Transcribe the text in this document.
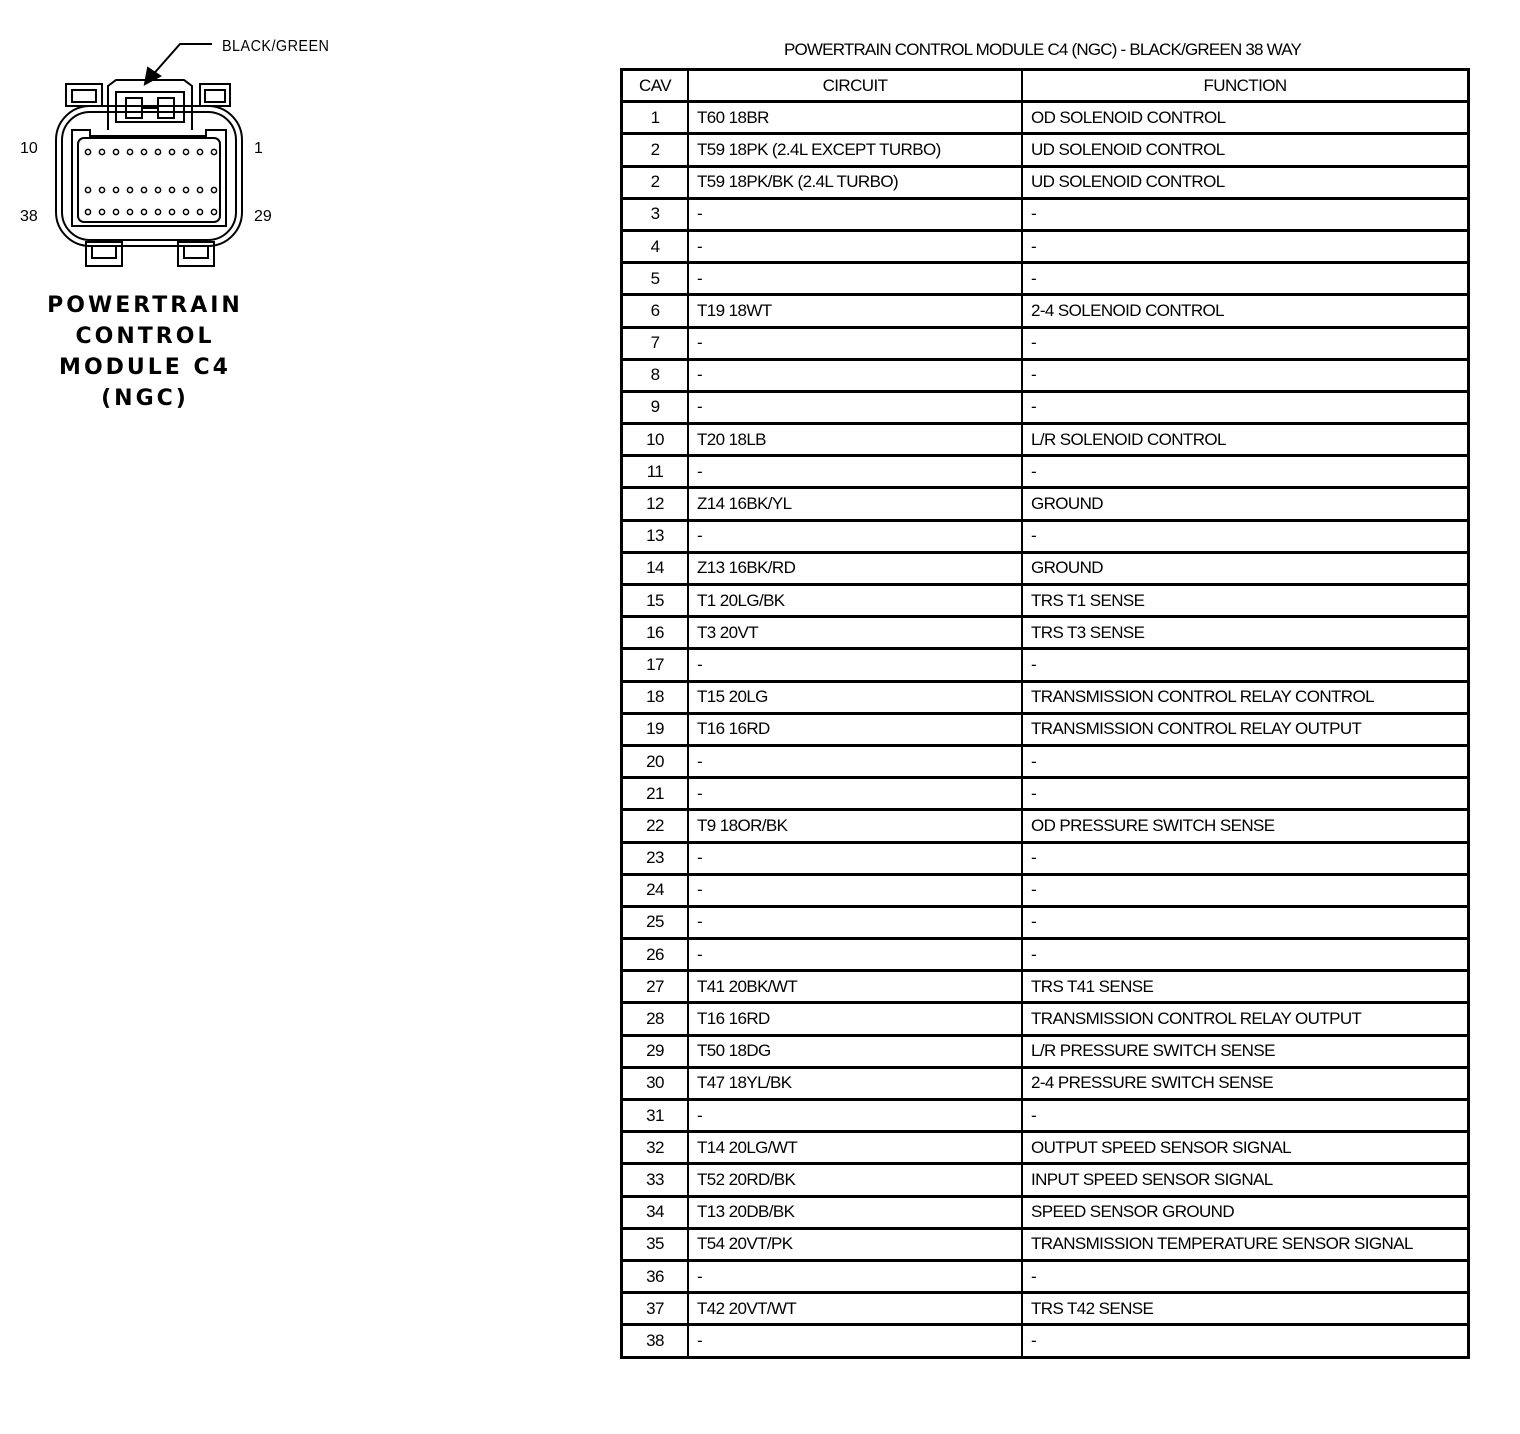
BLACK/GREEN
10	1
38	29
POWERTRAIN
CONTROL
MODULE C4
(NGC)
POWERTRAIN CONTROL MODULE C4 (NGC) - BLACK/GREEN 38 WAY
CAV	CIRCUIT	FUNCTION
1	T60 18BR	OD SOLENOID CONTROL
2	T59 18PK (2.4L EXCEPT TURBO)	UD SOLENOID CONTROL
2	T59 18PK/BK (2.4L TURBO)	UD SOLENOID CONTROL
3	-	-
4	-	-
5	-	-
6	T19 18WT	2-4 SOLENOID CONTROL
7	-	-
8	-	-
9	-	-
10	T20 18LB	L/R SOLENOID CONTROL
11	-	-
12	Z14 16BK/YL	GROUND
13	-	-
14	Z13 16BK/RD	GROUND
15	T1 20LG/BK	TRS T1 SENSE
16	T3 20VT	TRS T3 SENSE
17	-	-
18	T15 20LG	TRANSMISSION CONTROL RELAY CONTROL
19	T16 16RD	TRANSMISSION CONTROL RELAY OUTPUT
20	-	-
21	-	-
22	T9 18OR/BK	OD PRESSURE SWITCH SENSE
23	-	-
24	-	-
25	-	-
26	-	-
27	T41 20BK/WT	TRS T41 SENSE
28	T16 16RD	TRANSMISSION CONTROL RELAY OUTPUT
29	T50 18DG	L/R PRESSURE SWITCH SENSE
30	T47 18YL/BK	2-4 PRESSURE SWITCH SENSE
31	-	-
32	T14 20LG/WT	OUTPUT SPEED SENSOR SIGNAL
33	T52 20RD/BK	INPUT SPEED SENSOR SIGNAL
34	T13 20DB/BK	SPEED SENSOR GROUND
35	T54 20VT/PK	TRANSMISSION TEMPERATURE SENSOR SIGNAL
36	-	-
37	T42 20VT/WT	TRS T42 SENSE
38	-	-
